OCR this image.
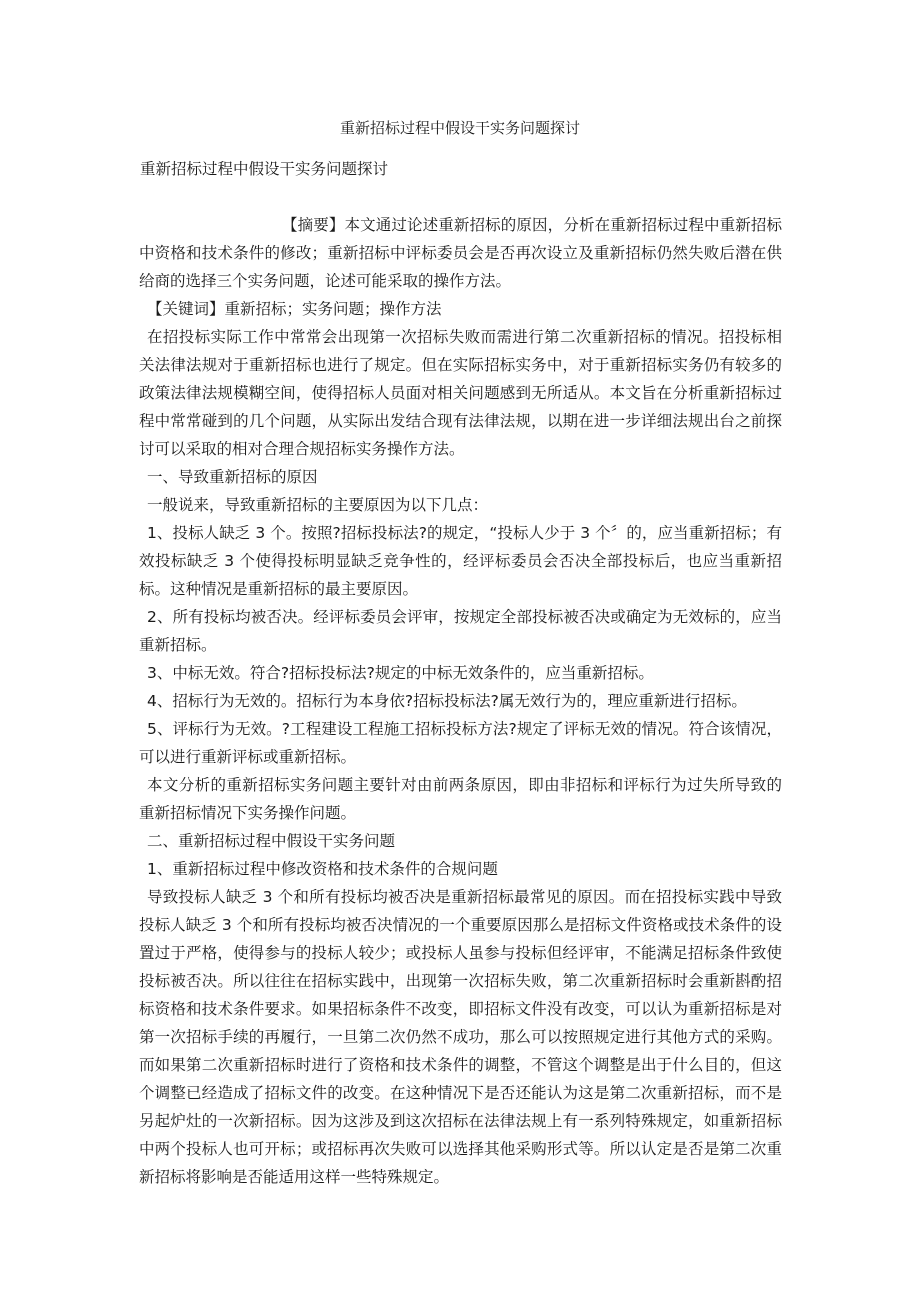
重新招标过程中假设干实务问题探讨
重新招标过程中假设干实务问题探讨

【摘要】本文通过论述重新招标的原因，分析在重新招标过程中重新招标中资格和技术条件的修改；重新招标中评标委员会是否再次设立及重新招标仍然失败后潜在供给商的选择三个实务问题，论述可能采取的操作方法。

【关键词】重新招标；实务问题；操作方法

在招投标实际工作中常常会出现第一次招标失败而需进行第二次重新招标的情况。招投标相关法律法规对于重新招标也进行了规定。但在实际招标实务中，对于重新招标实务仍有较多的政策法律法规模糊空间，使得招标人员面对相关问题感到无所适从。本文旨在分析重新招标过程中常常碰到的几个问题，从实际出发结合现有法律法规，以期在进一步详细法规出台之前探讨可以采取的相对合理合规招标实务操作方法。

一、导致重新招标的原因

一般说来，导致重新招标的主要原因为以下几点：

1、投标人缺乏 3 个。按照?招标投标法?的规定，“投标人少于 3 个〞的，应当重新招标；有效投标缺乏 3 个使得投标明显缺乏竞争性的，经评标委员会否决全部投标后，也应当重新招标。这种情况是重新招标的最主要原因。

2、所有投标均被否决。经评标委员会评审，按规定全部投标被否决或确定为无效标的，应当重新招标。

3、中标无效。符合?招标投标法?规定的中标无效条件的，应当重新招标。

4、招标行为无效的。招标行为本身依?招标投标法?属无效行为的，理应重新进行招标。

5、评标行为无效。?工程建设工程施工招标投标方法?规定了评标无效的情况。符合该情况，可以进行重新评标或重新招标。

本文分析的重新招标实务问题主要针对由前两条原因，即由非招标和评标行为过失所导致的重新招标情况下实务操作问题。

二、重新招标过程中假设干实务问题

1、重新招标过程中修改资格和技术条件的合规问题

导致投标人缺乏 3 个和所有投标均被否决是重新招标最常见的原因。而在招投标实践中导致投标人缺乏 3 个和所有投标均被否决情况的一个重要原因那么是招标文件资格或技术条件的设置过于严格，使得参与的投标人较少；或投标人虽参与投标但经评审，不能满足招标条件致使投标被否决。所以往往在招标实践中，出现第一次招标失败，第二次重新招标时会重新斟酌招标资格和技术条件要求。如果招标条件不改变，即招标文件没有改变，可以认为重新招标是对第一次招标手续的再履行，一旦第二次仍然不成功，那么可以按照规定进行其他方式的采购。而如果第二次重新招标时进行了资格和技术条件的调整，不管这个调整是出于什么目的，但这个调整已经造成了招标文件的改变。在这种情况下是否还能认为这是第二次重新招标，而不是另起炉灶的一次新招标。因为这涉及到这次招标在法律法规上有一系列特殊规定，如重新招标中两个投标人也可开标；或招标再次失败可以选择其他采购形式等。所以认定是否是第二次重新招标将影响是否能适用这样一些特殊规定。
